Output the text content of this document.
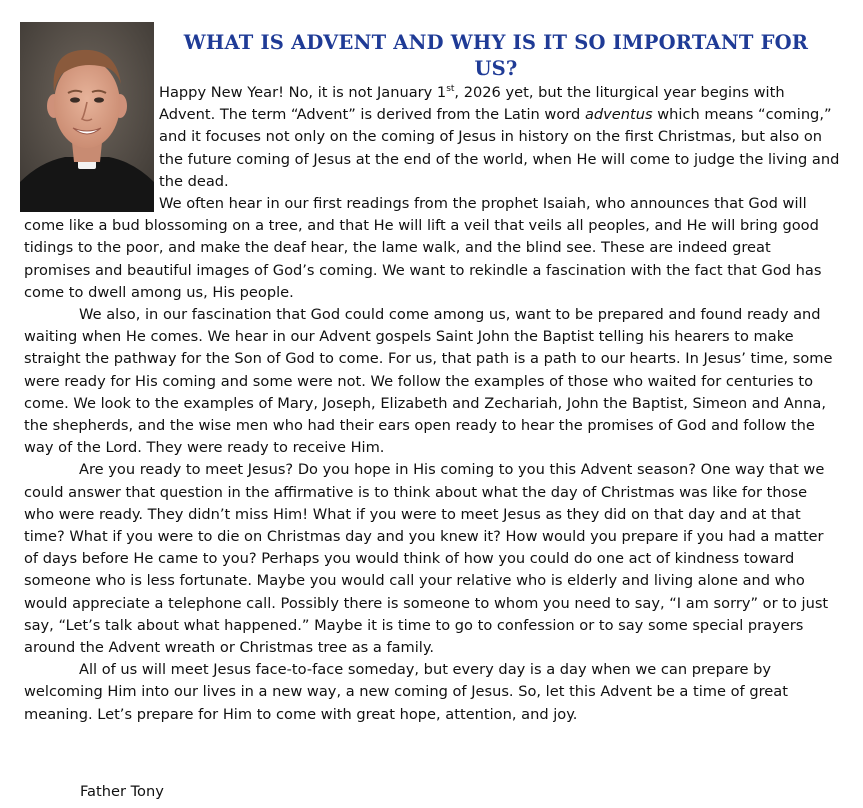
WHAT IS ADVENT AND WHY IS IT SO IMPORTANT FOR US?

Happy New Year! No, it is not January 1st, 2026 yet, but the liturgical year begins with Advent. The term “Advent” is derived from the Latin word adventus which means “coming,” and it focuses not only on the coming of Jesus in history on the first Christmas, but also on the future coming of Jesus at the end of the world, when He will come to judge the living and the dead.

We often hear in our first readings from the prophet Isaiah, who announces that God will come like a bud blossoming on a tree, and that He will lift a veil that veils all peoples, and He will bring good tidings to the poor, and make the deaf hear, the lame walk, and the blind see. These are indeed great promises and beautiful images of God’s coming. We want to rekindle a fascination with the fact that God has come to dwell among us, His people.

We also, in our fascination that God could come among us, want to be prepared and found ready and waiting when He comes. We hear in our Advent gospels Saint John the Baptist telling his hearers to make straight the pathway for the Son of God to come. For us, that path is a path to our hearts. In Jesus’ time, some were ready for His coming and some were not. We follow the examples of those who waited for centuries to come. We look to the examples of Mary, Joseph, Elizabeth and Zechariah, John the Baptist, Simeon and Anna, the shepherds, and the wise men who had their ears open ready to hear the promises of God and follow the way of the Lord. They were ready to receive Him.

Are you ready to meet Jesus? Do you hope in His coming to you this Advent season? One way that we could answer that question in the affirmative is to think about what the day of Christmas was like for those who were ready. They didn’t miss Him! What if you were to meet Jesus as they did on that day and at that time? What if you were to die on Christmas day and you knew it? How would you prepare if you had a matter of days before He came to you? Perhaps you would think of how you could do one act of kindness toward someone who is less fortunate. Maybe you would call your relative who is elderly and living alone and who would appreciate a telephone call. Possibly there is someone to whom you need to say, “I am sorry” or to just say, “Let’s talk about what happened.” Maybe it is time to go to confession or to say some special prayers around the Advent wreath or Christmas tree as a family.

All of us will meet Jesus face-to-face someday, but every day is a day when we can prepare by welcoming Him into our lives in a new way, a new coming of Jesus. So, let this Advent be a time of great meaning. Let’s prepare for Him to come with great hope, attention, and joy.

Father Tony
